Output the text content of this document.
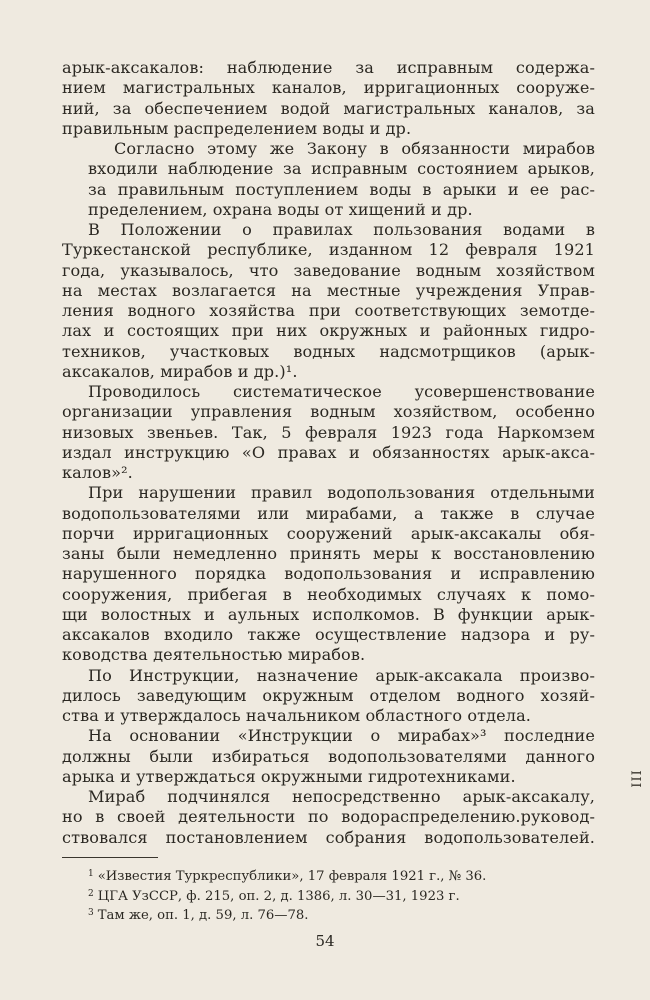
арык-аксакалов: наблюдение за исправным содержа-
нием магистральных каналов, ирригационных сооруже-
ний, за обеспечением водой магистральных каналов, за
правильным распределением воды и др.

Согласно этому же Закону в обязанности мирабов
входили наблюдение за исправным состоянием арыков,
за правильным поступлением воды в арыки и ее рас-
пределением, охрана воды от хищений и др.

В Положении о правилах пользования водами в
Туркестанской республике, изданном 12 февраля 1921
года, указывалось, что заведование водным хозяйством
на местах возлагается на местные учреждения Управ-
ления водного хозяйства при соответствующих земотде-
лах и состоящих при них окружных и районных гидро-
техников, участковых водных надсмотрщиков (арык-
аксакалов, мирабов и др.)¹.

Проводилось систематическое усовершенствование
организации управления водным хозяйством, особенно
низовых звеньев. Так, 5 февраля 1923 года Наркомзем
издал инструкцию «О правах и обязанностях арык-акса-
калов»².

При нарушении правил водопользования отдельными
водопользователями или мирабами, а также в случае
порчи ирригационных сооружений арык-аксакалы обя-
заны были немедленно принять меры к восстановлению
нарушенного порядка водопользования и исправлению
сооружения, прибегая в необходимых случаях к помо-
щи волостных и аульных исполкомов. В функции арык-
аксакалов входило также осуществление надзора и ру-
ководства деятельностью мирабов.

По Инструкции, назначение арык-аксакала произво-
дилось заведующим окружным отделом водного хозяй-
ства и утверждалось начальником областного отдела.

На основании «Инструкции о мирабах»³ последние
должны были избираться водопользователями данного
арыка и утверждаться окружными гидротехниками.

Мираб подчинялся непосредственно арык-аксакалу,
но в своей деятельности по водораспределению.руковод-
ствовался постановлением собрания водопользователей.

$^1$ «Известия Туркреспублики», 17 февраля 1921 г., № 36.
$^2$ ЦГА УзССР, ф. 215, оп. 2, д. 1386, л. 30—31, 1923 г.
$^3$ Там же, оп. 1, д. 59, л. 76—78.
54
III
